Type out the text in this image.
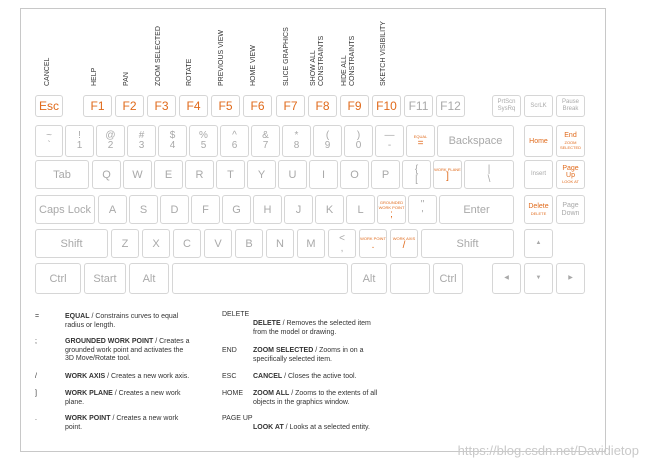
CANCEL	HELP	PAN	ZOOM SELECTED	ROTATE	PREVIOUS VIEW	HOME VIEW	SLICE GRAPHICS	SHOW ALL CONSTRAINTS HIDE ALL CONSTRAINTS	SKETCH VISIBILITY
Esc	F1 F2 F3 F4 F5 F6 F7 F8 F9 F10 F11 F12	PrtScn
SysRq
ScrLK
Pause
Break
~
`
!
1
@
2
#
3
$
4
%
5
^
6
&
7
*
8
(
9
)
0
—
-
EQUAL
= Backspace	Home
End
ZOOM SELECTED
Tab	Q W E R T Y U I O P	{
[
WORK PLANE
]
|
\	Insert
Page
Up
LOOK AT
Caps Lock A S D F G H J K L
GROUNDED WORK POINT
;
"
'	Enter	Delete
DELETE
Page
Down
Shift	Z X C V B N M <
,
WORK POINT
.
WORK AXIS
/	Shift	▲
Ctrl Start Alt	Alt	Ctrl	◀	▼	▶
=	EQUAL / Constrains curves to equal
radius or length.
;	GROUNDED WORK POINT / Creates a
grounded work point and activates the
3D Move/Rotate tool.
/	WORK AXIS / Creates a new work axis.
]	WORK PLANE / Creates a new work
plane.
.	WORK POINT / Creates a new work
point.
DELETE
DELETE / Removes the selected item
from the model or drawing.
END ZOOM SELECTED / Zooms in on a
specifically selected item.
ESC CANCEL / Closes the active tool.
HOME ZOOM ALL / Zooms to the extents of all
objects in the graphics window.
PAGE UP
LOOK AT / Looks at a selected entity.
https://blog.csdn.net/Davidietop
